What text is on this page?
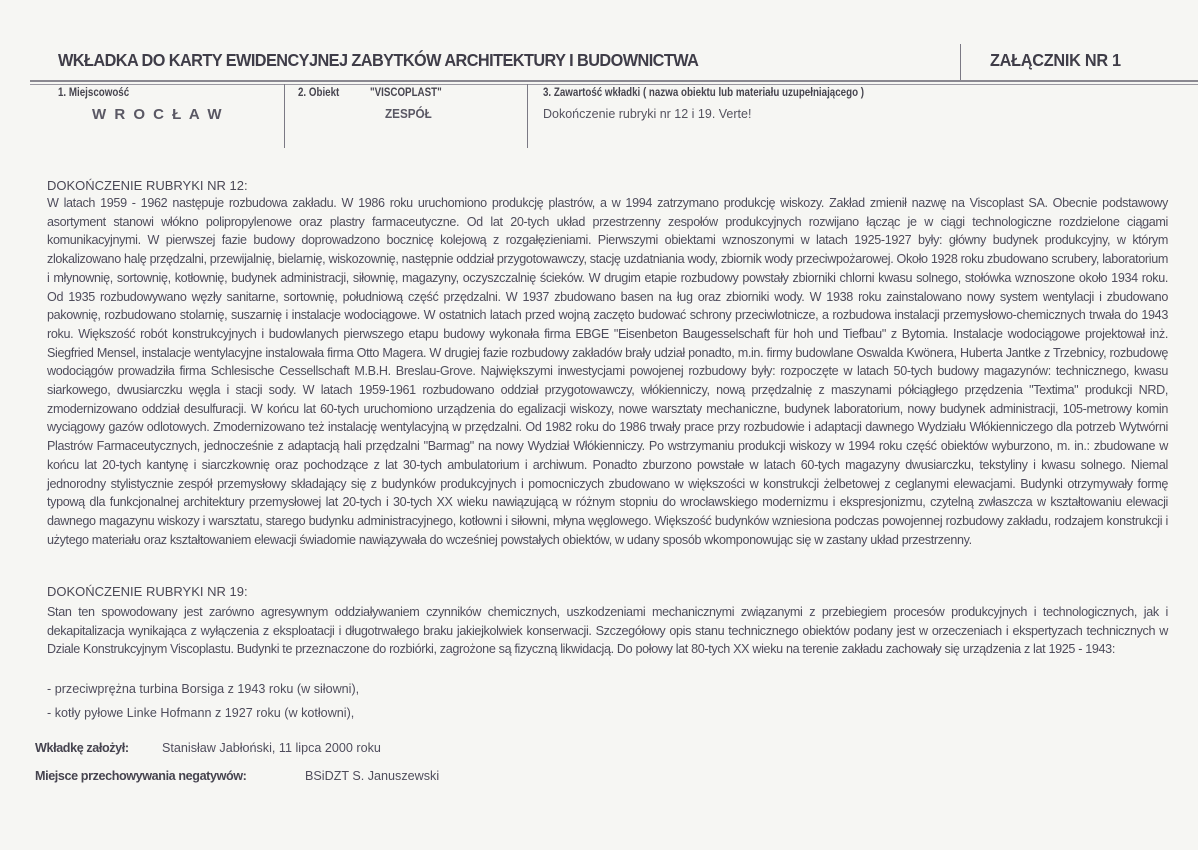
WKŁADKA DO KARTY EWIDENCYJNEJ ZABYTKÓW ARCHITEKTURY I BUDOWNICTWA	ZAŁĄCZNIK NR 1
1. Miejscowość
W R O C Ł A W
2. Obiekt	"VISCOPLAST"
ZESPÓŁ
3. Zawartość wkładki ( nazwa obiektu lub materiału uzupełniającego )
Dokończenie rubryki nr 12 i 19. Verte!
DOKOŃCZENIE RUBRYKI NR 12:
W latach 1959 - 1962 następuje rozbudowa zakładu. W 1986 roku uruchomiono produkcję plastrów, a w 1994 zatrzymano produkcję wiskozy. Zakład zmienił nazwę na Viscoplast SA. Obecnie podstawowy asortyment stanowi włókno polipropylenowe oraz plastry farmaceutyczne. Od lat 20-tych układ przestrzenny zespołów produkcyjnych rozwijano łącząc je w ciągi technologiczne rozdzielone ciągami komunikacyjnymi. W pierwszej fazie budowy doprowadzono bocznicę kolejową z rozgałęzieniami. Pierwszymi obiektami wznoszonymi w latach 1925-1927 były: główny budynek produkcyjny, w którym zlokalizowano halę przędzalni, przewijalnię, bielarnię, wiskozownię, następnie oddział przygotowawczy, stację uzdatniania wody, zbiornik wody przeciwpożarowej. Około 1928 roku zbudowano scrubery, laboratorium i młynownię, sortownię, kotłownię, budynek administracji, siłownię, magazyny, oczyszczalnię ścieków. W drugim etapie rozbudowy powstały zbiorniki chlorni kwasu solnego, stołówka wznoszone około 1934 roku. Od 1935 rozbudowywano węzły sanitarne, sortownię, południową część przędzalni. W 1937 zbudowano basen na ług oraz zbiorniki wody. W 1938 roku zainstalowano nowy system wentylacji i zbudowano pakownię, rozbudowano stolarnię, suszarnię i instalacje wodociągowe. W ostatnich latach przed wojną zaczęto budować schrony przeciwlotnicze, a rozbudowa instalacji przemysłowo-chemicznych trwała do 1943 roku. Większość robót konstrukcyjnych i budowlanych pierwszego etapu budowy wykonała firma EBGE "Eisenbeton Baugesselschaft für hoh und Tiefbau" z Bytomia. Instalacje wodociągowe projektował inż. Siegfried Mensel, instalacje wentylacyjne instalowała firma Otto Magera. W drugiej fazie rozbudowy zakładów brały udział ponadto, m.in. firmy budowlane Oswalda Kwönera, Huberta Jantke z Trzebnicy, rozbudowę wodociągów prowadziła firma Schlesische Cessellschaft M.B.H. Breslau-Grove. Największymi inwestycjami powojenej rozbudowy były: rozpoczęte w latach 50-tych budowy magazynów: technicznego, kwasu siarkowego, dwusiarczku węgla i stacji sody. W latach 1959-1961 rozbudowano oddział przygotowawczy, włókienniczy, nową przędzalnię z maszynami półciągłego przędzenia "Textima" produkcji NRD, zmodernizowano oddział desulfuracji. W końcu lat 60-tych uruchomiono urządzenia do egalizacji wiskozy, nowe warsztaty mechaniczne, budynek laboratorium, nowy budynek administracji, 105-metrowy komin wyciągowy gazów odlotowych. Zmodernizowano też instalację wentylacyjną w przędzalni. Od 1982 roku do 1986 trwały prace przy rozbudowie i adaptacji dawnego Wydziału Włókienniczego dla potrzeb Wytwórni Plastrów Farmaceutycznych, jednocześnie z adaptacją hali przędzalni "Barmag" na nowy Wydział Włókienniczy. Po wstrzymaniu produkcji wiskozy w 1994 roku część obiektów wyburzono, m. in.: zbudowane w końcu lat 20-tych kantynę i siarczkownię oraz pochodzące z lat 30-tych ambulatorium i archiwum. Ponadto zburzono powstałe w latach 60-tych magazyny dwusiarczku, tekstyliny i kwasu solnego. Niemal jednorodny stylistycznie zespół przemysłowy składający się z budynków produkcyjnych i pomocniczych zbudowano w większości w konstrukcji żelbetowej z ceglanymi elewacjami. Budynki otrzymywały formę typową dla funkcjonalnej architektury przemysłowej lat 20-tych i 30-tych XX wieku nawiązującą w różnym stopniu do wrocławskiego modernizmu i ekspresjonizmu, czytelną zwłaszcza w kształtowaniu elewacji dawnego magazynu wiskozy i warsztatu, starego budynku administracyjnego, kotłowni i siłowni, młyna węglowego. Większość budynków wzniesiona podczas powojennej rozbudowy zakładu, rodzajem konstrukcji i użytego materiału oraz kształtowaniem elewacji świadomie nawiązywała do wcześniej powstałych obiektów, w udany sposób wkomponowując się w zastany układ przestrzenny.
DOKOŃCZENIE RUBRYKI NR 19:
Stan ten spowodowany jest zarówno agresywnym oddziaływaniem czynników chemicznych, uszkodzeniami mechanicznymi związanymi z przebiegiem procesów produkcyjnych i technologicznych, jak i dekapitalizacja wynikająca z wyłączenia z eksploatacji i długotrwałego braku jakiejkolwiek konserwacji. Szczegółowy opis stanu technicznego obiektów podany jest w orzeczeniach i ekspertyzach technicznych w Dziale Konstrukcyjnym Viscoplastu. Budynki te przeznaczone do rozbiórki, zagrożone są fizyczną likwidacją. Do połowy lat 80-tych XX wieku na terenie zakładu zachowały się urządzenia z lat 1925 - 1943:
- przeciwprężna turbina Borsiga z 1943 roku (w siłowni),
- kotły pyłowe Linke Hofmann z 1927 roku (w kotłowni),
Wkładkę założył:	Stanisław Jabłoński, 11 lipca 2000 roku
Miejsce przechowywania negatywów:	BSiDZT S. Januszewski
